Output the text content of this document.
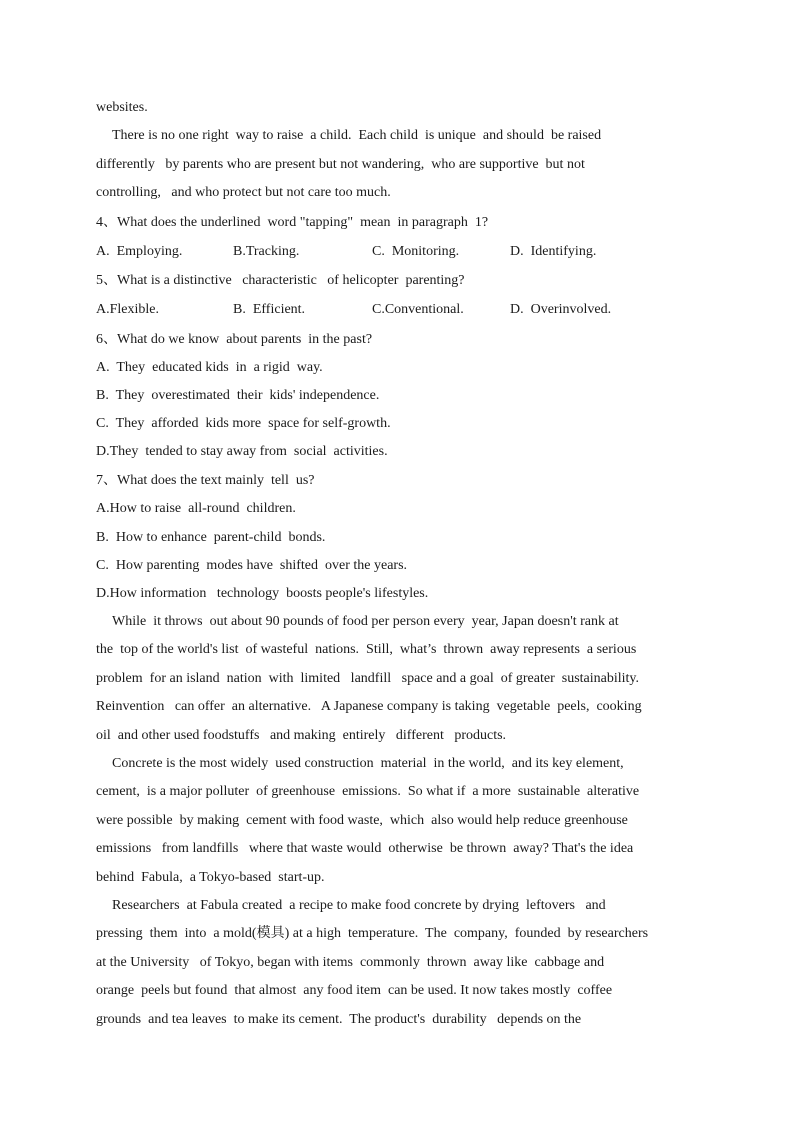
websites.
There is no one right  way to raise  a child.  Each child  is unique  and should  be raised
differently   by parents who are present but not wandering,  who are supportive  but not
controlling,   and who protect but not care too much.
4、What does the underlined  word "tapping"  mean  in paragraph  1?
A.  Employing.	B.Tracking.	C.  Monitoring.	D.  Identifying.
5、What is a distinctive   characteristic   of helicopter  parenting?
A.Flexible.	B.  Efficient.	C.Conventional.	D.  Overinvolved.
6、What do we know  about parents  in the past?
A.  They  educated kids  in  a rigid  way.
B.  They  overestimated  their  kids' independence.
C.  They  afforded  kids more  space for self-growth.
D.They  tended to stay away from  social  activities.
7、What does the text mainly  tell  us?
A.How to raise  all-round  children.
B.  How to enhance  parent-child  bonds.
C.  How parenting  modes have  shifted  over the years.
D.How information   technology  boosts people's lifestyles.
While  it throws  out about 90 pounds of food per person every  year, Japan doesn't rank at
the  top of the world's list  of wasteful  nations.  Still,  what’s  thrown  away represents  a serious
problem  for an island  nation  with  limited   landfill   space and a goal  of greater  sustainability.
Reinvention   can offer  an alternative.   A Japanese company is taking  vegetable  peels,  cooking
oil  and other used foodstuffs   and making  entirely   different   products.
Concrete is the most widely  used construction  material  in the world,  and its key element,
cement,  is a major polluter  of greenhouse  emissions.  So what if  a more  sustainable  alterative
were possible  by making  cement with food waste,  which  also would help reduce greenhouse
emissions   from landfills   where that waste would  otherwise  be thrown  away? That's the idea
behind  Fabula,  a Tokyo-based  start-up.
Researchers  at Fabula created  a recipe to make food concrete by drying  leftovers   and
pressing  them  into  a mold(模具) at a high  temperature.  The  company,  founded  by researchers
at the University   of Tokyo, began with items  commonly  thrown  away like  cabbage and
orange  peels but found  that almost  any food item  can be used. It now takes mostly  coffee
grounds  and tea leaves  to make its cement.  The product's  durability   depends on the
